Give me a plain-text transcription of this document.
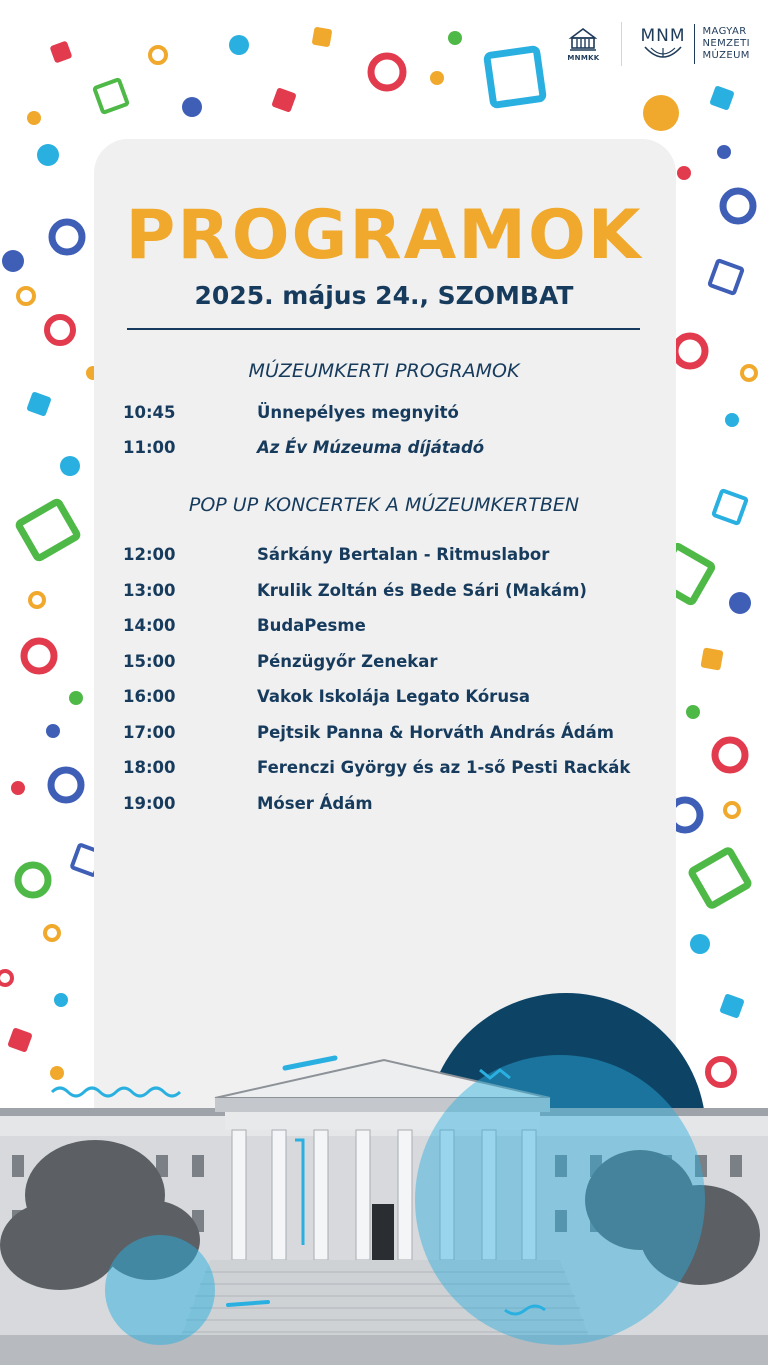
MNMKK
MNM MAGYAR
NEMZETI
MÚZEUM
PROGRAMOK
2025. május 24., SZOMBAT
MÚZEUMKERTI PROGRAMOK
10:45	Ünnepélyes megnyitó
11:00	Az Év Múzeuma díjátadó
POP UP KONCERTEK A MÚZEUMKERTBEN
12:00	Sárkány Bertalan - Ritmuslabor
13:00	Krulik Zoltán és Bede Sári (Makám)
14:00	BudaPesme
15:00	Pénzügyőr Zenekar
16:00	Vakok Iskolája Legato Kórusa
17:00	Pejtsik Panna & Horváth András Ádám
18:00	Ferenczi György és az 1-ső Pesti Rackák
19:00	Móser Ádám
